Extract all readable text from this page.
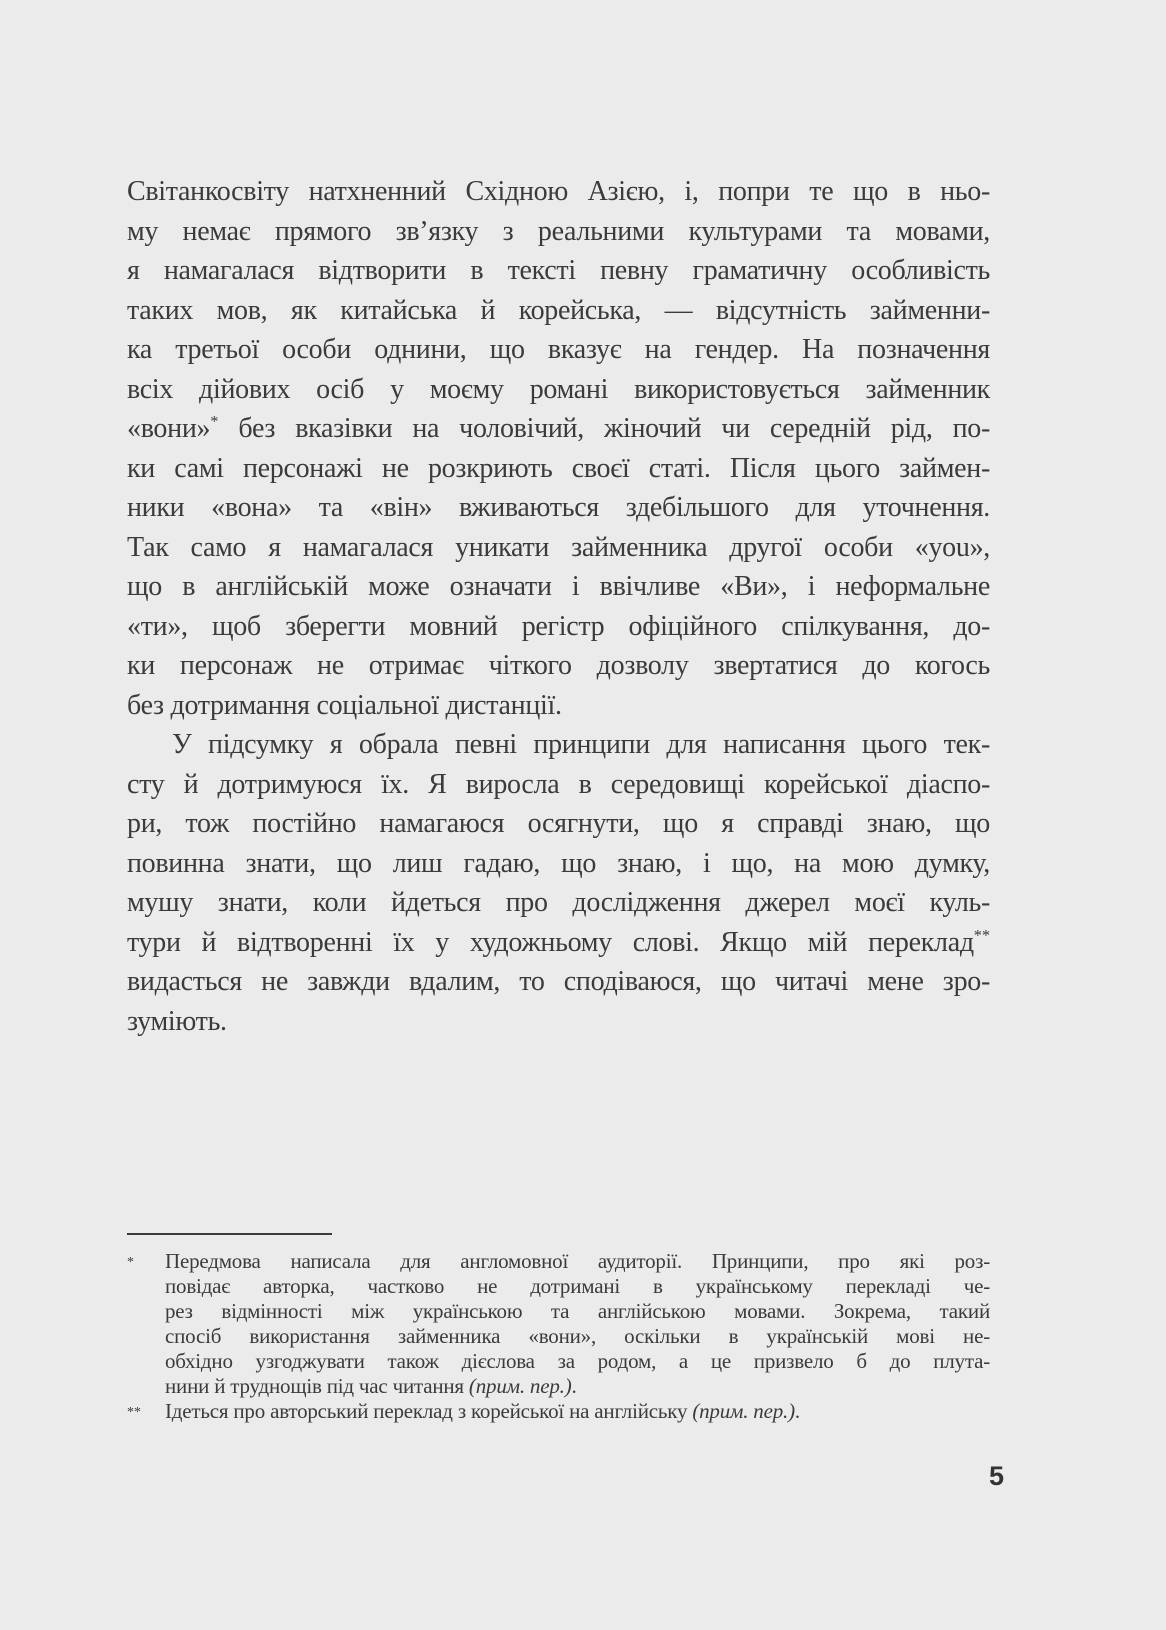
Світанкосвіту натхненний Східною Азією, і, попри те що в ньо-
му немає прямого зв’язку з реальними культурами та мовами,
я намагалася відтворити в тексті певну граматичну особливість
таких мов, як китайська й корейська, — відсутність займенни-
ка третьої особи однини, що вказує на гендер. На позначення
всіх дійових осіб у моєму романі використовується займенник
«вони»* без вказівки на чоловічий, жіночий чи середній рід, по-
ки самі персонажі не розкриють своєї статі. Після цього займен-
ники «вона» та «він» вживаються здебільшого для уточнення.
Так само я намагалася уникати займенника другої особи «you»,
що в англійській може означати і ввічливе «Ви», і неформальне
«ти», щоб зберегти мовний регістр офіційного спілкування, до-
ки персонаж не отримає чіткого дозволу звертатися до когось
без дотримання соціальної дистанції.
У підсумку я обрала певні принципи для написання цього тек-
сту й дотримуюся їх. Я виросла в середовищі корейської діаспо-
ри, тож постійно намагаюся осягнути, що я справді знаю, що
повинна знати, що лиш гадаю, що знаю, і що, на мою думку,
мушу знати, коли йдеться про дослідження джерел моєї куль-
тури й відтворенні їх у художньому слові. Якщо мій переклад**
видасться не завжди вдалим, то сподіваюся, що читачі мене зро-
зуміють.
*	Передмова написала для англомовної аудиторії. Принципи, про які роз-
повідає авторка, частково не дотримані в українському перекладі че-
рез відмінності між українською та англійською мовами. Зокрема, такий
спосіб використання займенника «вони», оскільки в українській мові не-
обхідно узгоджувати також дієслова за родом, а це призвело б до плута-
нини й труднощів під час читання (прим. пер.).
**	Ідеться про авторський переклад з корейської на англійську (прим. пер.).
5
